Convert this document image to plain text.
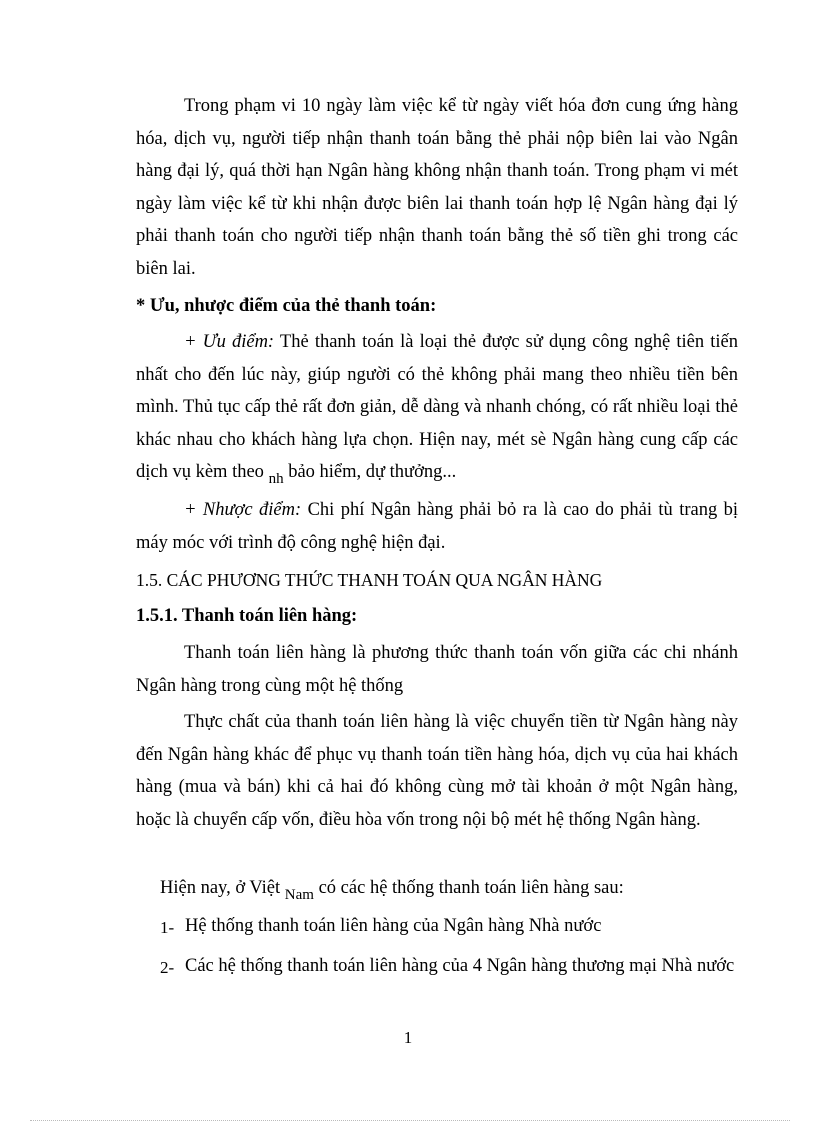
Trong phạm vi 10 ngày làm việc kể từ ngày viết hóa đơn cung ứng hàng hóa, dịch vụ, người tiếp nhận thanh toán bằng thẻ phải nộp biên lai vào Ngân hàng đại lý, quá thời hạn Ngân hàng không nhận thanh toán. Trong phạm vi mét ngày làm việc kể từ khi nhận được biên lai thanh toán hợp lệ Ngân hàng đại lý phải thanh toán cho người tiếp nhận thanh toán bằng thẻ số tiền ghi trong các biên lai.

* Ưu, nhược điểm của thẻ thanh toán:

+ Ưu điểm: Thẻ thanh toán là loại thẻ được sử dụng công nghệ tiên tiến nhất cho đến lúc này, giúp người có thẻ không phải mang theo nhiều tiền bên mình. Thủ tục cấp thẻ rất đơn giản, dễ dàng và nhanh chóng, có rất nhiều loại thẻ khác nhau cho khách hàng lựa chọn. Hiện nay, mét sè Ngân hàng cung cấp các dịch vụ kèm theo $_{nh}$ bảo hiểm, dự thưởng...

+ Nhược điểm: Chi phí Ngân hàng phải bỏ ra là cao do phải tù trang bị máy móc với trình độ công nghệ hiện đại.

1.5. CÁC PHƯƠNG THỨC THANH TOÁN QUA NGÂN HÀNG

1.5.1. Thanh toán liên hàng:

Thanh toán liên hàng là phương thức thanh toán vốn giữa các chi nhánh Ngân hàng trong cùng một hệ thống

Thực chất của thanh toán liên hàng là việc chuyển tiền từ Ngân hàng này đến Ngân hàng khác để phục vụ thanh toán tiền hàng hóa, dịch vụ của hai khách hàng (mua và bán) khi cả hai đó không cùng mở tài khoản ở một Ngân hàng, hoặc là chuyển cấp vốn, điều hòa vốn trong nội bộ mét hệ thống Ngân hàng.

Hiện nay, ở Việt $_{Nam}$ có các hệ thống thanh toán liên hàng sau:

1- Hệ thống thanh toán liên hàng của Ngân hàng Nhà nước
2- Các hệ thống thanh toán liên hàng của 4 Ngân hàng thương mại Nhà nước
1
